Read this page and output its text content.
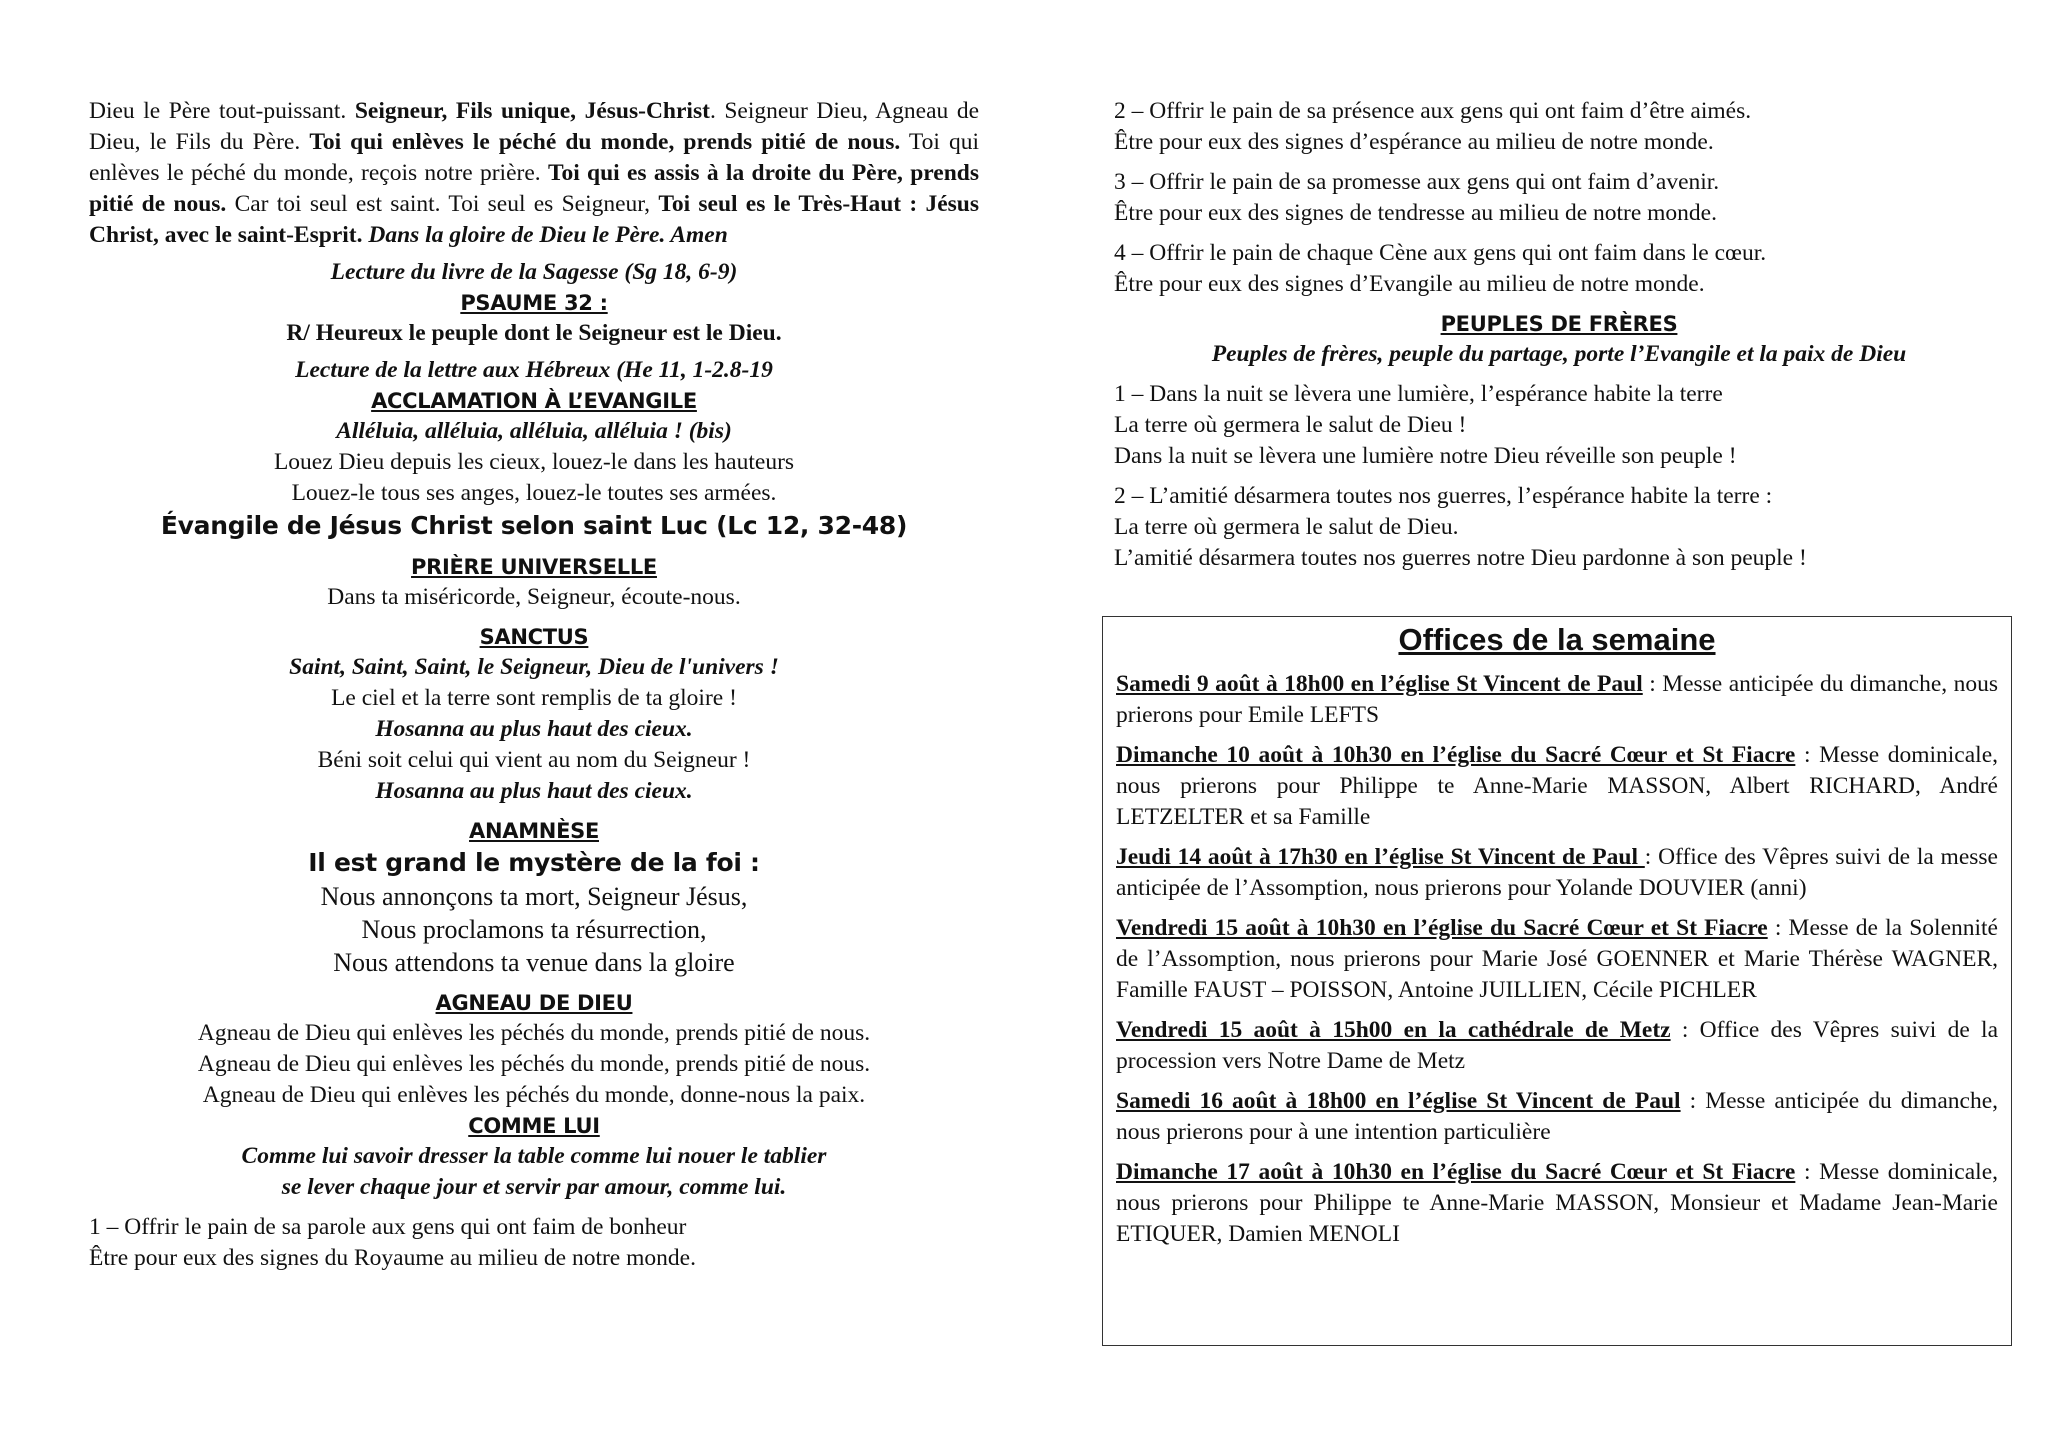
Dieu le Père tout-puissant. Seigneur, Fils unique, Jésus-Christ. Seigneur Dieu, Agneau de Dieu, le Fils du Père. Toi qui enlèves le péché du monde, prends pitié de nous. Toi qui enlèves le péché du monde, reçois notre prière. Toi qui es assis à la droite du Père, prends pitié de nous. Car toi seul est saint. Toi seul es Seigneur, Toi seul es le Très-Haut : Jésus Christ, avec le saint-Esprit. Dans la gloire de Dieu le Père. Amen

Lecture du livre de la Sagesse (Sg 18, 6-9)

PSAUME 32 :

R/ Heureux le peuple dont le Seigneur est le Dieu.

Lecture de la lettre aux Hébreux (He 11, 1-2.8-19

ACCLAMATION À L’EVANGILE

Alléluia, alléluia, alléluia, alléluia ! (bis)

Louez Dieu depuis les cieux, louez-le dans les hauteurs

Louez-le tous ses anges, louez-le toutes ses armées.

Évangile de Jésus Christ selon saint Luc (Lc 12, 32-48)

PRIÈRE UNIVERSELLE

Dans ta miséricorde, Seigneur, écoute-nous.

SANCTUS

Saint, Saint, Saint, le Seigneur, Dieu de l'univers !

Le ciel et la terre sont remplis de ta gloire !

Hosanna au plus haut des cieux.

Béni soit celui qui vient au nom du Seigneur !

Hosanna au plus haut des cieux.

ANAMNÈSE

Il est grand le mystère de la foi :

Nous annonçons ta mort, Seigneur Jésus,

Nous proclamons ta résurrection,

Nous attendons ta venue dans la gloire

AGNEAU DE DIEU

Agneau de Dieu qui enlèves les péchés du monde, prends pitié de nous.

Agneau de Dieu qui enlèves les péchés du monde, prends pitié de nous.

Agneau de Dieu qui enlèves les péchés du monde, donne-nous la paix.

COMME LUI

Comme lui savoir dresser la table comme lui nouer le tablier

se lever chaque jour et servir par amour, comme lui.

1 – Offrir le pain de sa parole aux gens qui ont faim de bonheur

Être pour eux des signes du Royaume au milieu de notre monde.

2 – Offrir le pain de sa présence aux gens qui ont faim d’être aimés.

Être pour eux des signes d’espérance au milieu de notre monde.

3 – Offrir le pain de sa promesse aux gens qui ont faim d’avenir.

Être pour eux des signes de tendresse au milieu de notre monde.

4 – Offrir le pain de chaque Cène aux gens qui ont faim dans le cœur.

Être pour eux des signes d’Evangile au milieu de notre monde.

PEUPLES DE FRÈRES

Peuples de frères, peuple du partage, porte l’Evangile et la paix de Dieu

1 – Dans la nuit se lèvera une lumière, l’espérance habite la terre

La terre où germera le salut de Dieu !

Dans la nuit se lèvera une lumière notre Dieu réveille son peuple !

2 – L’amitié désarmera toutes nos guerres, l’espérance habite la terre :

La terre où germera le salut de Dieu.

L’amitié désarmera toutes nos guerres notre Dieu pardonne à son peuple !

Offices de la semaine

Samedi 9 août à 18h00 en l’église St Vincent de Paul : Messe anticipée du dimanche, nous prierons pour Emile LEFTS

Dimanche 10 août à 10h30 en l’église du Sacré Cœur et St Fiacre : Messe dominicale, nous prierons pour Philippe te Anne-Marie MASSON, Albert RICHARD, André LETZELTER et sa Famille

Jeudi 14 août à 17h30 en l’église St Vincent de Paul : Office des Vêpres suivi de la messe anticipée de l’Assomption, nous prierons pour Yolande DOUVIER (anni)

Vendredi 15 août à 10h30 en l’église du Sacré Cœur et St Fiacre : Messe de la Solennité de l’Assomption, nous prierons pour Marie José GOENNER et Marie Thérèse WAGNER, Famille FAUST – POISSON, Antoine JUILLIEN, Cécile PICHLER

Vendredi 15 août à 15h00 en la cathédrale de Metz : Office des Vêpres suivi de la procession vers Notre Dame de Metz

Samedi 16 août à 18h00 en l’église St Vincent de Paul : Messe anticipée du dimanche, nous prierons pour à une intention particulière

Dimanche 17 août à 10h30 en l’église du Sacré Cœur et St Fiacre : Messe dominicale, nous prierons pour Philippe te Anne-Marie MASSON, Monsieur et Madame Jean-Marie ETIQUER, Damien MENOLI
